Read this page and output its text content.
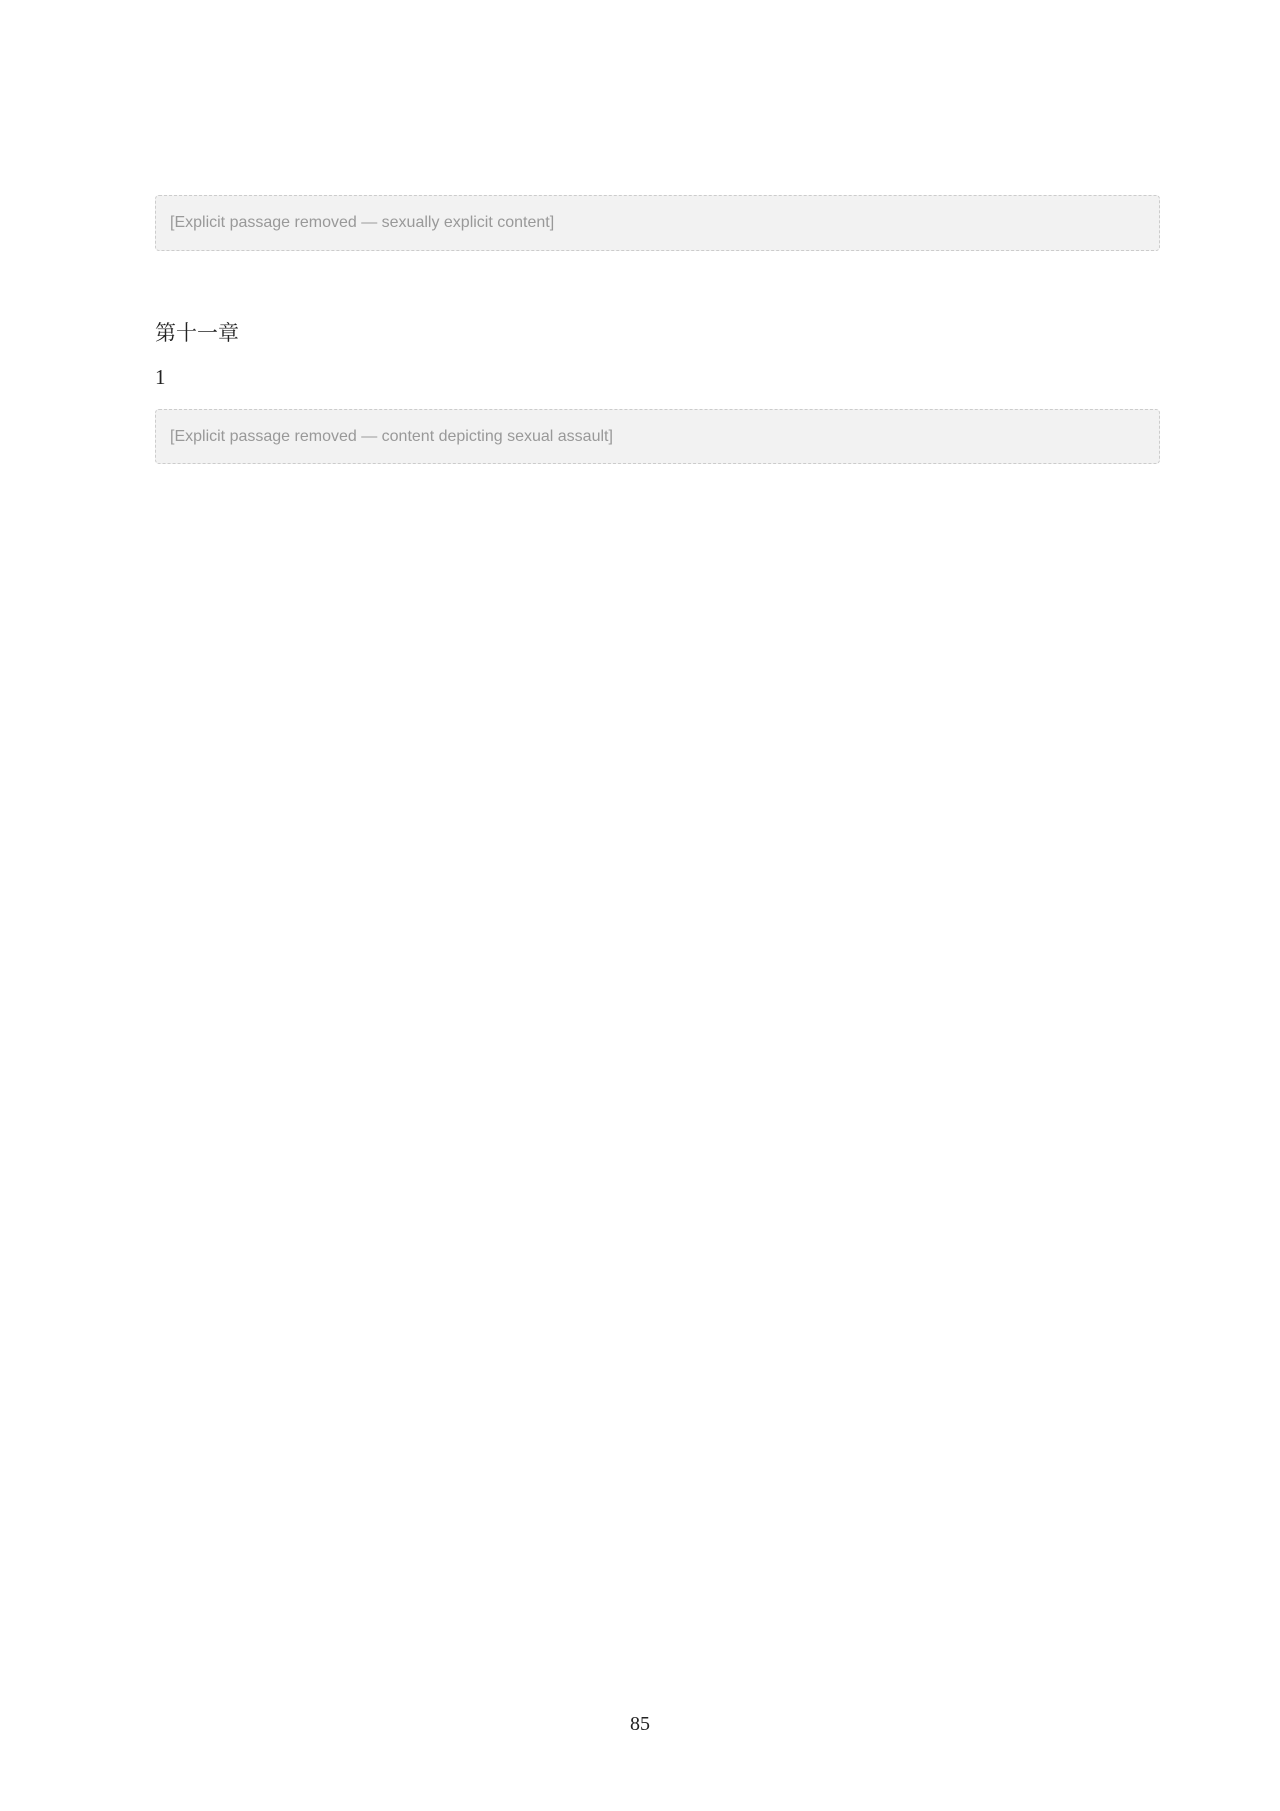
[Explicit passage removed — sexually explicit content]
第十一章
1
[Explicit passage removed — content depicting sexual assault]
85
